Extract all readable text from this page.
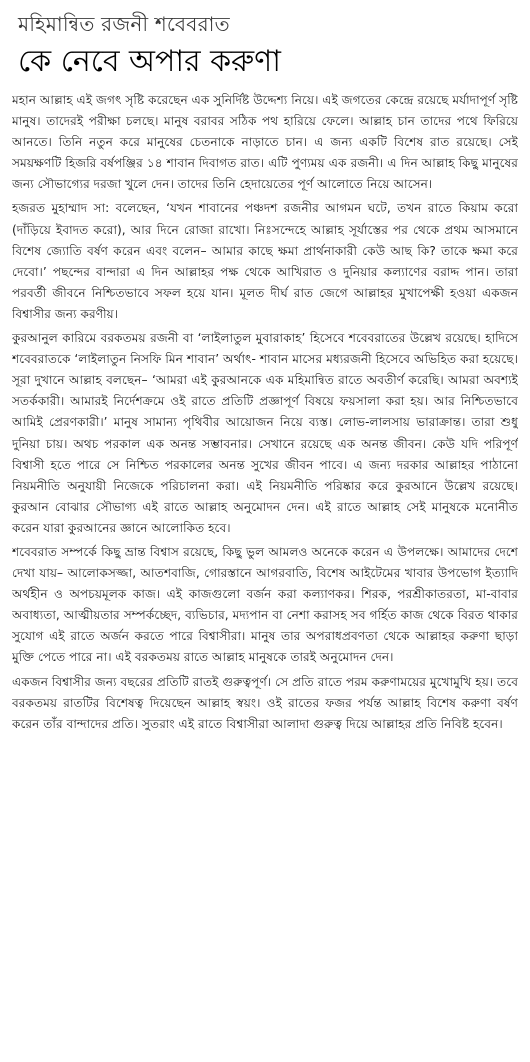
মহিমান্বিত রজনী শবেবরাত
কে নেবে অপার করুণা

মহান আল্লাহ এই জগৎ সৃষ্টি করেছেন এক সুনির্দিষ্ট উদ্দেশ্য নিয়ে। এই জগতের কেন্দ্রে রয়েছে মর্যাদাপূর্ণ সৃষ্টি মানুষ। তাদেরই পরীক্ষা চলছে। মানুষ বরাবর সঠিক পথ হারিয়ে ফেলে। আল্লাহ চান তাদের পথে ফিরিয়ে আনতে। তিনি নতুন করে মানুষের চেতনাকে নাড়াতে চান। এ জন্য একটি বিশেষ রাত রয়েছে। সেই সময়ক্ষণটি হিজরি বর্ষপঞ্জির ১৪ শাবান দিবাগত রাত। এটি পুণ্যময় এক রজনী। এ দিন আল্লাহ কিছু মানুষের জন্য সৌভাগ্যের দরজা খুলে দেন। তাদের তিনি হেদায়েতের পূর্ণ আলোতে নিয়ে আসেন।

হজরত মুহাম্মাদ সা: বলেছেন, ‘যখন শাবানের পঞ্চদশ রজনীর আগমন ঘটে, তখন রাতে কিয়াম করো (দাঁড়িয়ে ইবাদত করো), আর দিনে রোজা রাখো। নিঃসন্দেহে আল্লাহ সূর্যাস্তের পর থেকে প্রথম আসমানে বিশেষ জ্যোতি বর্ষণ করেন এবং বলেন– আমার কাছে ক্ষমা প্রার্থনাকারী কেউ আছ কি? তাকে ক্ষমা করে দেবো।’ পছন্দের বান্দারা এ দিন আল্লাহর পক্ষ থেকে আখিরাত ও দুনিয়ার কল্যাণের বরাদ্দ পান। তারা পরবর্তী জীবনে নিশ্চিতভাবে সফল হয়ে যান। মূলত দীর্ঘ রাত জেগে আল্লাহর মুখাপেক্ষী হওয়া একজন বিশ্বাসীর জন্য করণীয়।

কুরআনুল কারিমে বরকতময় রজনী বা ‘লাইলাতুল মুবারাকাহ’ হিসেবে শবেবরাতের উল্লেখ রয়েছে। হাদিসে শবেবরাতকে ‘লাইলাতুন নিসফি মিন শাবান’ অর্থাৎ- শাবান মাসের মধ্যরজনী হিসেবে অভিহিত করা হয়েছে। সূরা দুখানে আল্লাহ বলছেন– ‘আমরা এই কুরআনকে এক মহিমান্বিত রাতে অবতীর্ণ করেছি। আমরা অবশ্যই সতর্ককারী। আমারই নির্দেশক্রমে ওই রাতে প্রতিটি প্রজ্ঞাপূর্ণ বিষয়ে ফয়সালা করা হয়। আর নিশ্চিতভাবে আমিই প্রেরণকারী।’ মানুষ সামান্য পৃথিবীর আয়োজন নিয়ে ব্যস্ত। লোভ-লালসায় ভারাক্রান্ত। তারা শুধু দুনিয়া চায়। অথচ পরকাল এক অনন্ত সম্ভাবনার। সেখানে রয়েছে এক অনন্ত জীবন। কেউ যদি পরিপূর্ণ বিশ্বাসী হতে পারে সে নিশ্চিত পরকালের অনন্ত সুখের জীবন পাবে। এ জন্য দরকার আল্লাহর পাঠানো নিয়মনীতি অনুযায়ী নিজেকে পরিচালনা করা। এই নিয়মনীতি পরিষ্কার করে কুরআনে উল্লেখ রয়েছে। কুরআন বোঝার সৌভাগ্য এই রাতে আল্লাহ অনুমোদন দেন। এই রাতে আল্লাহ সেই মানুষকে মনোনীত করেন যারা কুরআনের জ্ঞানে আলোকিত হবে।

শবেবরাত সম্পর্কে কিছু ভ্রান্ত বিশ্বাস রয়েছে, কিছু ভুল আমলও অনেকে করেন এ উপলক্ষে। আমাদের দেশে দেখা যায়– আলোকসজ্জা, আতশবাজি, গোরস্তানে আগরবাতি, বিশেষ আইটেমের খাবার উপভোগ ইত্যাদি অর্থহীন ও অপচয়মূলক কাজ। এই কাজগুলো বর্জন করা কল্যাণকর। শিরক, পরশ্রীকাতরতা, মা-বাবার অবাধ্যতা, আত্মীয়তার সম্পর্কচ্ছেদ, ব্যভিচার, মদ্যপান বা নেশা করাসহ সব গর্হিত কাজ থেকে বিরত থাকার সুযোগ এই রাতে অর্জন করতে পারে বিশ্বাসীরা। মানুষ তার অপরাধপ্রবণতা থেকে আল্লাহর করুণা ছাড়া মুক্তি পেতে পারে না। এই বরকতময় রাতে আল্লাহ মানুষকে তারই অনুমোদন দেন।

একজন বিশ্বাসীর জন্য বছরের প্রতিটি রাতই গুরুত্বপূর্ণ। সে প্রতি রাতে পরম করুণাময়ের মুখোমুখি হয়। তবে বরকতময় রাতটির বিশেষত্ব দিয়েছেন আল্লাহ স্বয়ং। ওই রাতের ফজর পর্যন্ত আল্লাহ বিশেষ করুণা বর্ষণ করেন তাঁর বান্দাদের প্রতি। সুতরাং এই রাতে বিশ্বাসীরা আলাদা গুরুত্ব দিয়ে আল্লাহর প্রতি নিবিষ্ট হবেন।
